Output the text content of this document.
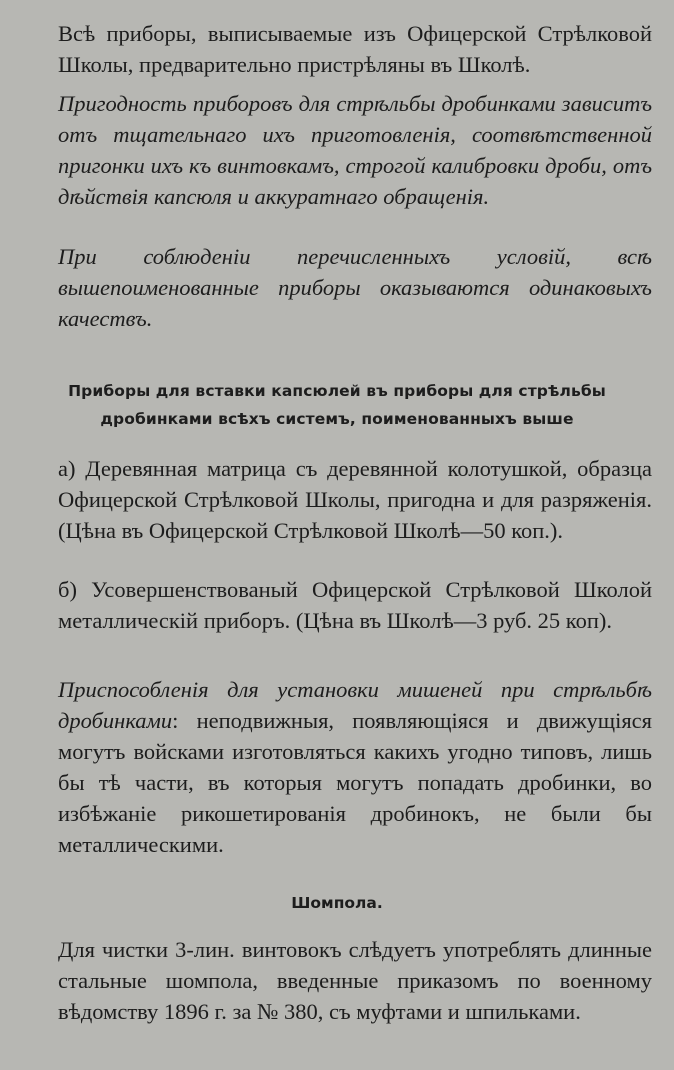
Всѣ приборы, выписываемые изъ Офицерской Стрѣлковой Школы, предварительно пристрѣляны въ Школѣ.

Пригодность приборовъ для стрѣльбы дробинками зависитъ отъ тщательнаго ихъ приготовленія, соотвѣтственной пригонки ихъ къ винтовкамъ, строгой калибровки дроби, отъ дѣйствія капсюля и аккуратнаго обращенія.

При соблюденіи перечисленныхъ условій, всѣ вышепоименованные приборы оказываются одинаковыхъ качествъ.

Приборы для вставки капсюлей въ приборы для стрѣльбы дробинками всѣхъ системъ, поименованныхъ выше

а) Деревянная матрица съ деревянной колотушкой, образца Офицерской Стрѣлковой Школы, пригодна и для разряженія. (Цѣна въ Офицерской Стрѣлковой Школѣ—50 коп.).

б) Усовершенствованый Офицерской Стрѣлковой Школой металлическій приборъ. (Цѣна въ Школѣ—3 руб. 25 коп).

Приспособленія для установки мишеней при стрѣльбѣ дробинками: неподвижныя, появляющіяся и движущіяся могутъ войсками изготовляться какихъ угодно типовъ, лишь бы тѣ части, въ которыя могутъ попадать дробинки, во избѣжаніе рикошетированія дробинокъ, не были бы металлическими.

Шомпола.

Для чистки 3-лин. винтовокъ слѣдуетъ употреблять длинные стальные шомпола, введенные приказомъ по военному вѣдомству 1896 г. за № 380, съ муфтами и шпильками.
